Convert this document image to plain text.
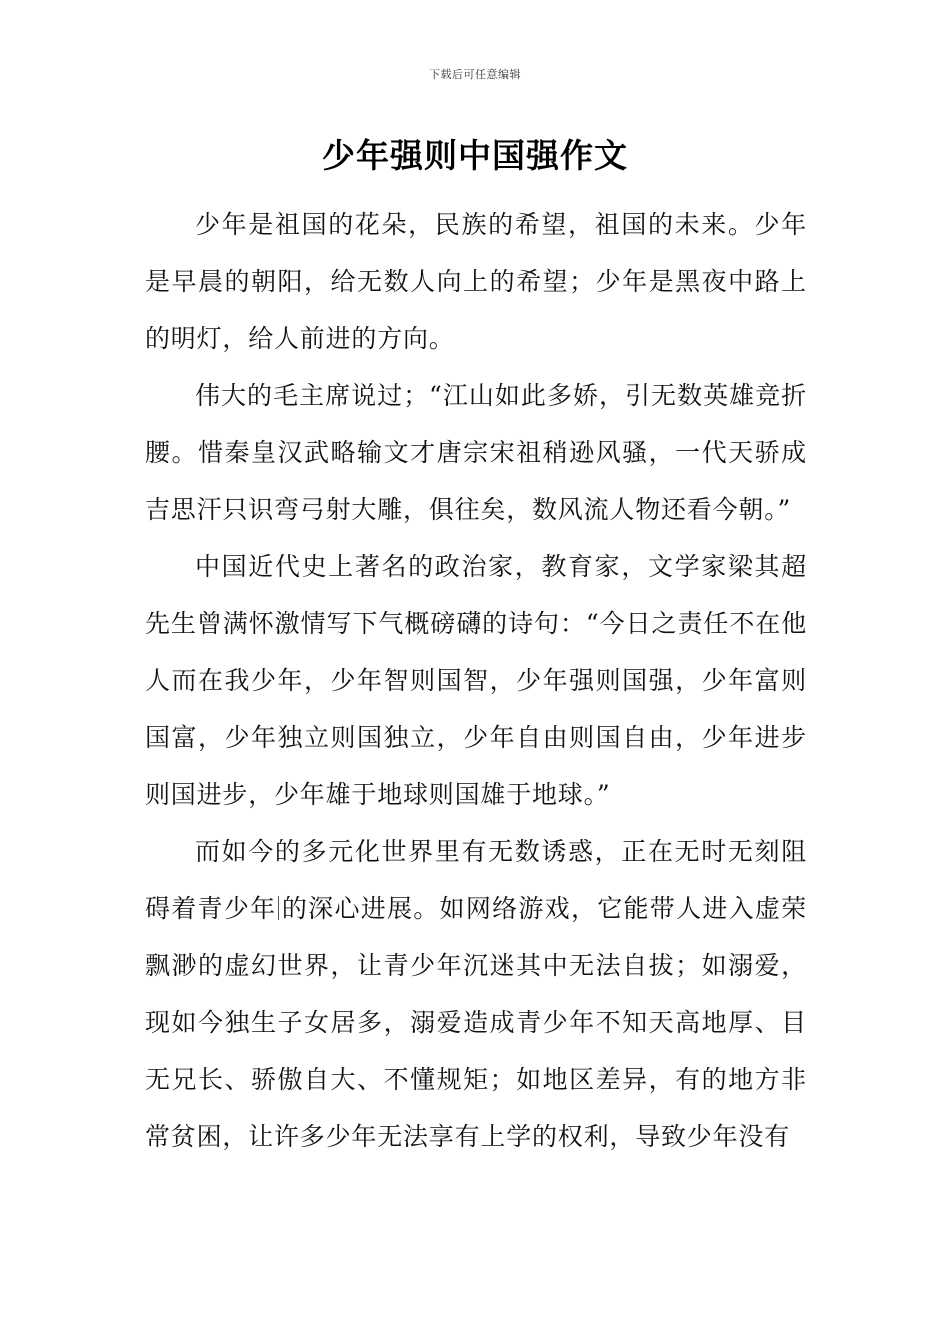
下载后可任意编辑
少年强则中国强作文

少年是祖国的花朵，民族的希望，祖国的未来。少年是早晨的朝阳，给无数人向上的希望；少年是黑夜中路上的明灯，给人前进的方向。

伟大的毛主席说过；“江山如此多娇，引无数英雄竞折腰。惜秦皇汉武略输文才唐宗宋祖稍逊风骚，一代天骄成吉思汗只识弯弓射大雕，俱往矣，数风流人物还看今朝。”

中国近代史上著名的政治家，教育家，文学家梁其超先生曾满怀激情写下气概磅礴的诗句：“今日之责任不在他人而在我少年，少年智则国智，少年强则国强，少年富则国富，少年独立则国独立，少年自由则国自由，少年进步则国进步，少年雄于地球则国雄于地球。”

而如今的多元化世界里有无数诱惑，正在无时无刻阻碍着青少年 的深心进展。如网络游戏，它能带人进入虚荣飘渺的虚幻世界，让青少年沉迷其中无法自拔；如溺爱，现如今独生子女居多，溺爱造成青少年不知天高地厚、目无兄长、骄傲自大、不懂规矩；如地区差异，有的地方非常贫困，让许多少年无法享有上学的权利，导致少年没有
